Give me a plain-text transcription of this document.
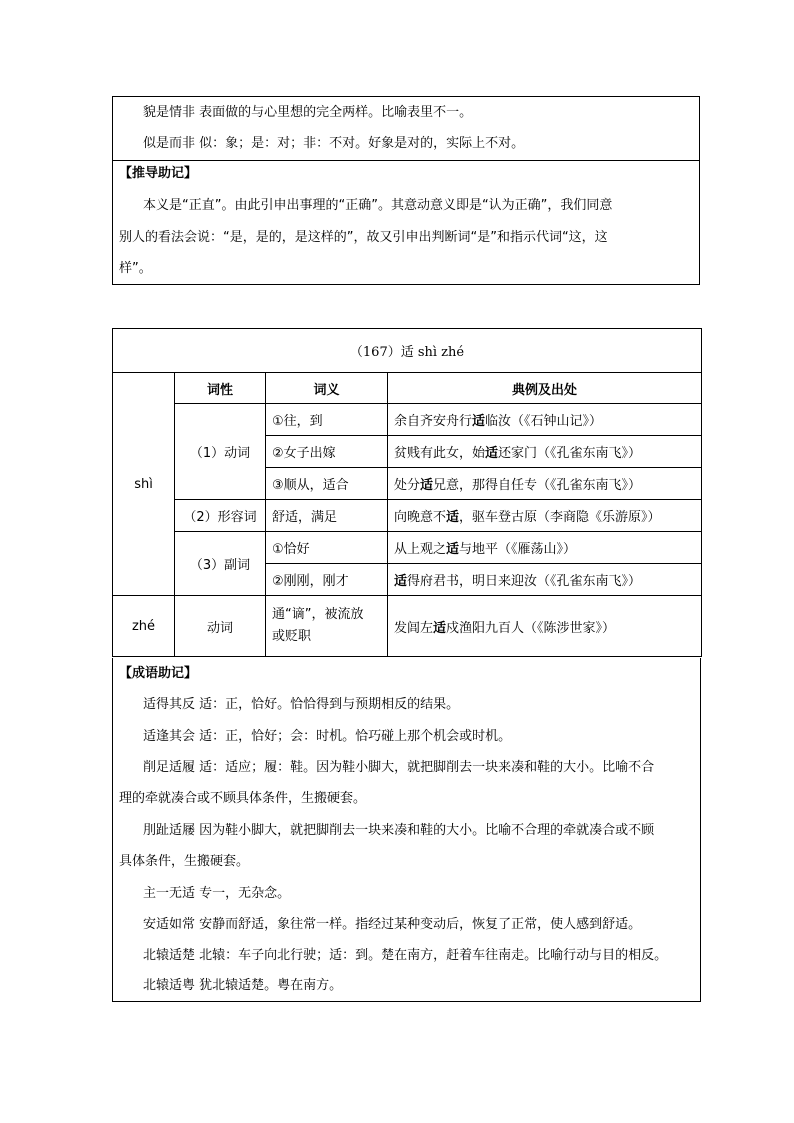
貌是情非 表面做的与心里想的完全两样。比喻表里不一。
似是而非 似：象；是：对；非：不对。好象是对的，实际上不对。
【推导助记】
本义是“正直”。由此引申出事理的“正确”。其意动意义即是“认为正确”，我们同意
别人的看法会说：“是，是的，是这样的”，故又引申出判断词“是”和指示代词“这，这
样”。
（167）适 shì zhé			
shì	词性	词义	典例及出处
	（1）动词	①往，到	余自齐安舟行适临汝（《石钟山记》）
		②女子出嫁	贫贱有此女，始适还家门（《孔雀东南飞》）
		③顺从，适合	处分适兄意，那得自任专（《孔雀东南飞》）
	（2）形容词	舒适，满足	向晚意不适，驱车登古原（李商隐《乐游原》）
	（3）副词	①恰好	从上观之适与地平（《雁荡山》）
		②刚刚，刚才	适得府君书，明日来迎汝（《孔雀东南飞》）
zhé	动词	通“谪”，被流放
或贬职	发闾左适戍渔阳九百人（《陈涉世家》）
【成语助记】
适得其反 适：正，恰好。恰恰得到与预期相反的结果。
适逢其会 适：正，恰好；会：时机。恰巧碰上那个机会或时机。
削足适履 适：适应；履：鞋。因为鞋小脚大，就把脚削去一块来凑和鞋的大小。比喻不合
理的牵就凑合或不顾具体条件，生搬硬套。
刖趾适屦 因为鞋小脚大，就把脚削去一块来凑和鞋的大小。比喻不合理的牵就凑合或不顾
具体条件，生搬硬套。
主一无适 专一，无杂念。
安适如常 安静而舒适，象往常一样。指经过某种变动后，恢复了正常，使人感到舒适。
北辕适楚 北辕：车子向北行驶；适：到。楚在南方，赶着车往南走。比喻行动与目的相反。
北辕适粤 犹北辕适楚。粤在南方。
